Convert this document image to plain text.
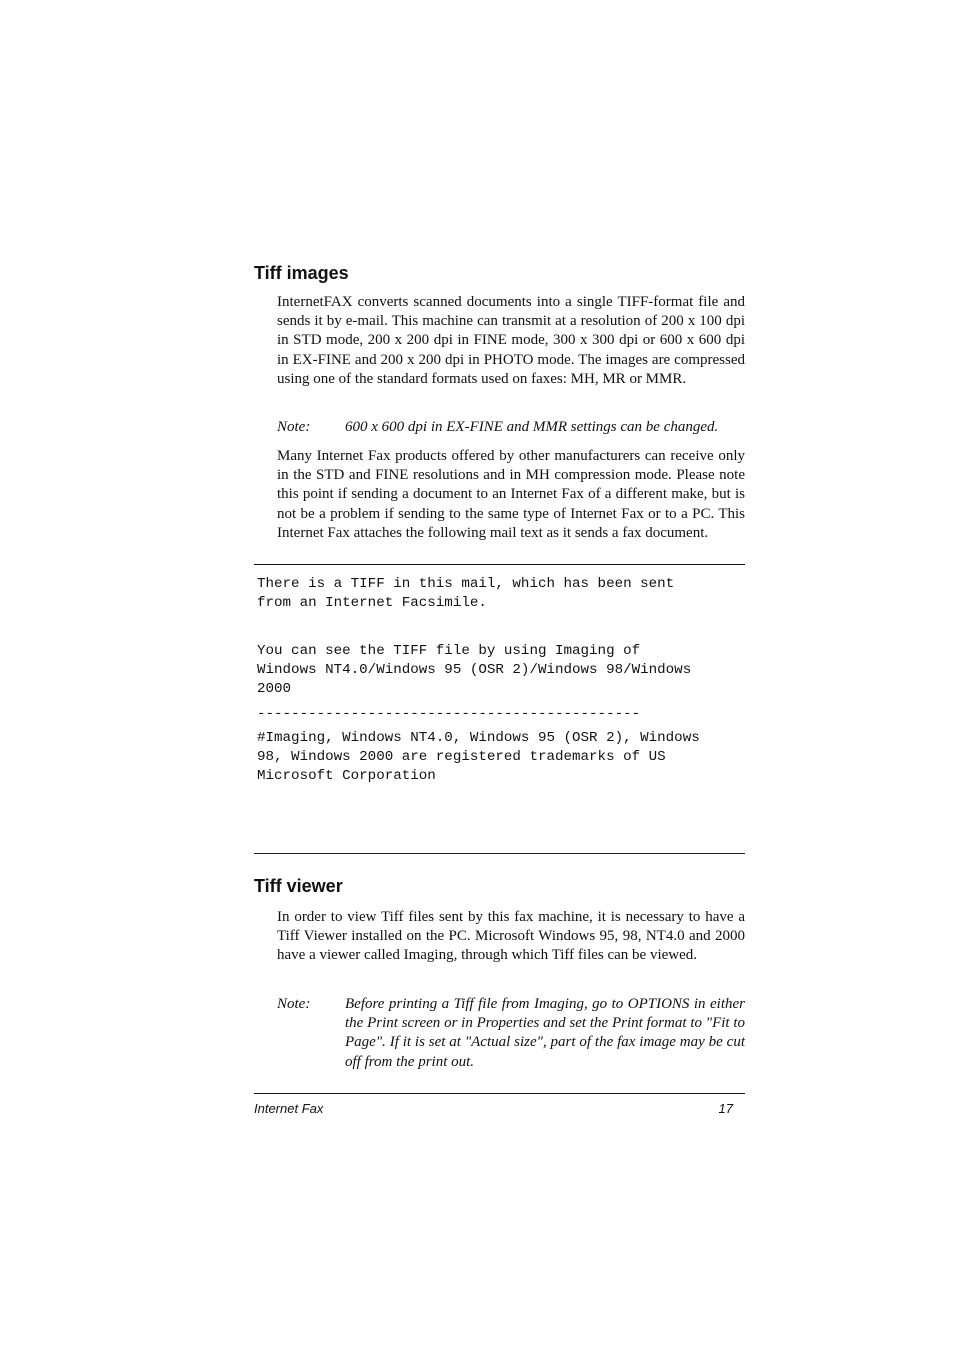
Tiff images

InternetFAX converts scanned documents into a single TIFF-format file and sends it by e-mail. This machine can transmit at a resolution of 200 x 100 dpi in STD mode, 200 x 200 dpi in FINE mode, 300 x 300 dpi or 600 x 600 dpi in EX-FINE and 200 x 200 dpi in PHOTO mode. The images are compressed using one of the standard formats used on faxes: MH, MR or MMR.

Note: 600 x 600 dpi in EX-FINE and MMR settings can be changed.

Many Internet Fax products offered by other manufacturers can receive only in the STD and FINE resolutions and in MH compression mode. Please note this point if sending a document to an Internet Fax of a different make, but is not be a problem if sending to the same type of Internet Fax or to a PC. This Internet Fax attaches the following mail text as it sends a fax document.

There is a TIFF in this mail, which has been sent
from an Internet Facsimile.
You can see the TIFF file by using Imaging of
Windows NT4.0/Windows 95 (OSR 2)/Windows 98/Windows
2000
---------------------------------------------
#Imaging, Windows NT4.0, Windows 95 (OSR 2), Windows
98, Windows 2000 are registered trademarks of US
Microsoft Corporation
Tiff viewer

In order to view Tiff files sent by this fax machine, it is necessary to have a Tiff Viewer installed on the PC. Microsoft Windows 95, 98, NT4.0 and 2000 have a viewer called Imaging, through which Tiff files can be viewed.

Note: Before printing a Tiff file from Imaging, go to OPTIONS in either the Print screen or in Properties and set the Print format to "Fit to Page". If it is set at "Actual size", part of the fax image may be cut off from the print out.
Internet Fax	17
